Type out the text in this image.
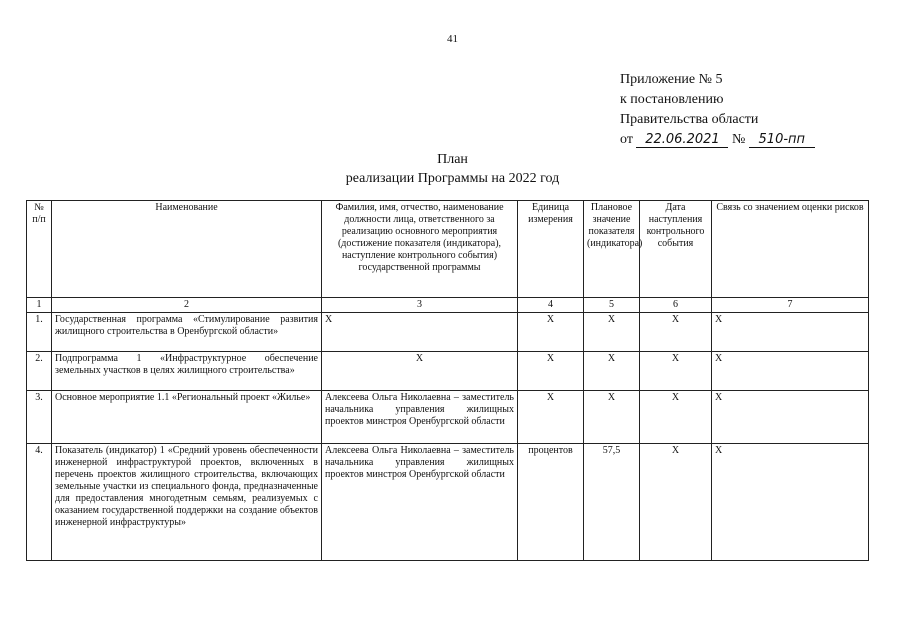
41
Приложение № 5
к постановлению
Правительства области
от 22.06.2021 № 510-пп
План
реализации Программы на 2022 год
№ п/п	Наименование	Фамилия, имя, отчество, наименование должности лица, ответственного за реализацию основного мероприятия (достижение показателя (индикатора), наступление контрольного события) государственной программы	Единица измерения	Плановое значение показателя (индикатора)	Дата наступления контрольного события	Связь со значением оценки рисков
1	2	3	4	5	6	7
1.	Государственная программа «Стимулирование развития жилищного строительства в Оренбургской области»	Х	Х	Х	Х	Х
2.	Подпрограмма 1 «Инфраструктурное обеспечение земельных участков в целях жилищного строительства»	Х	Х	Х	Х	Х
3.	Основное мероприятие 1.1 «Региональный проект «Жилье»	Алексеева Ольга Николаевна – заместитель начальника управления жилищных проектов минстроя Оренбургской области	Х	Х	Х	Х
4.	Показатель (индикатор) 1 «Средний уровень обеспеченности инженерной инфраструктурой проектов, включенных в перечень проектов жилищного строительства, включающих земельные участки из специального фонда, предназначенные для предоставления многодетным семьям, реализуемых с оказанием государственной поддержки на создание объектов инженерной инфраструктуры»	Алексеева Ольга Николаевна – заместитель начальника управления жилищных проектов минстроя Оренбургской области	процентов	57,5	Х	Х
